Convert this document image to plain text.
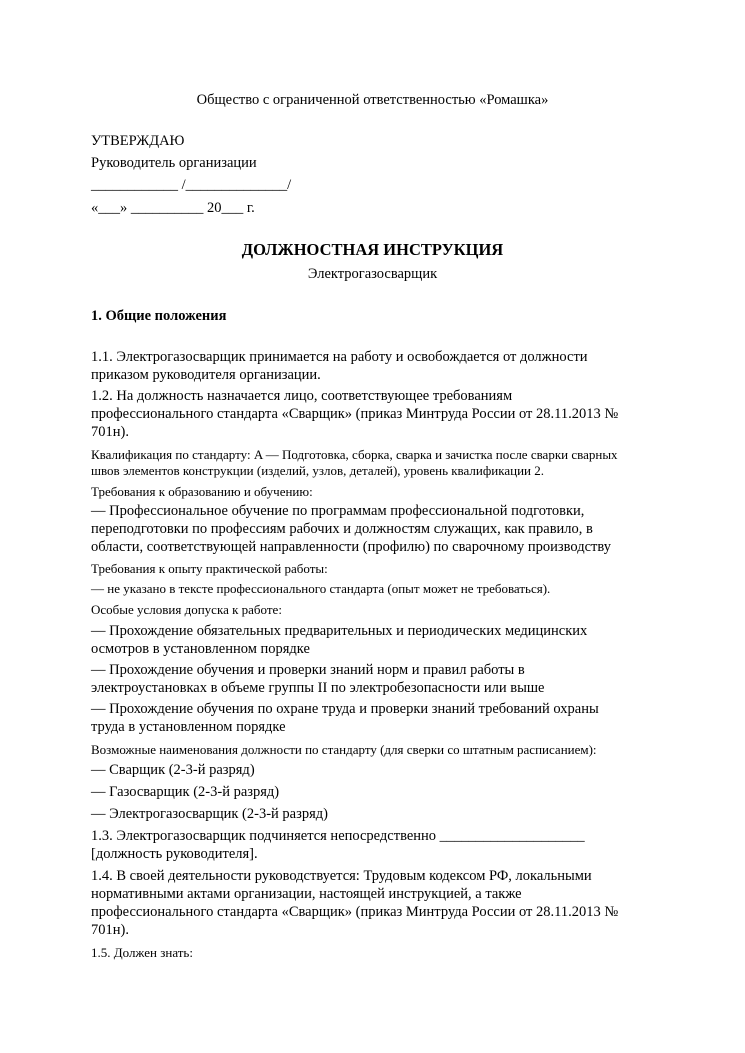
Общество с ограниченной ответственностью «Ромашка»
УТВЕРЖДАЮ
Руководитель организации
____________ /______________/
«___» __________ 20___ г.
ДОЛЖНОСТНАЯ ИНСТРУКЦИЯ
Электрогазосварщик
1. Общие положения
1.1. Электрогазосварщик принимается на работу и освобождается от должности
приказом руководителя организации.
1.2. На должность назначается лицо, соответствующее требованиям
профессионального стандарта «Сварщик» (приказ Минтруда России от 28.11.2013 №
701н).
Квалификация по стандарту: A — Подготовка, сборка, сварка и зачистка после сварки сварных
швов элементов конструкции (изделий, узлов, деталей), уровень квалификации 2.
Требования к образованию и обучению:
— Профессиональное обучение по программам профессиональной подготовки,
переподготовки по профессиям рабочих и должностям служащих, как правило, в
области, соответствующей направленности (профилю) по сварочному производству
Требования к опыту практической работы:
— не указано в тексте профессионального стандарта (опыт может не требоваться).
Особые условия допуска к работе:
— Прохождение обязательных предварительных и периодических медицинских
осмотров в установленном порядке
— Прохождение обучения и проверки знаний норм и правил работы в
электроустановках в объеме группы II по электробезопасности или выше
— Прохождение обучения по охране труда и проверки знаний требований охраны
труда в установленном порядке
Возможные наименования должности по стандарту (для сверки со штатным расписанием):
— Сварщик (2-3-й разряд)
— Газосварщик (2-3-й разряд)
— Электрогазосварщик (2-3-й разряд)
1.3. Электрогазосварщик подчиняется непосредственно ____________________
[должность руководителя].
1.4. В своей деятельности руководствуется: Трудовым кодексом РФ, локальными
нормативными актами организации, настоящей инструкцией, а также
профессионального стандарта «Сварщик» (приказ Минтруда России от 28.11.2013 №
701н).
1.5. Должен знать:
